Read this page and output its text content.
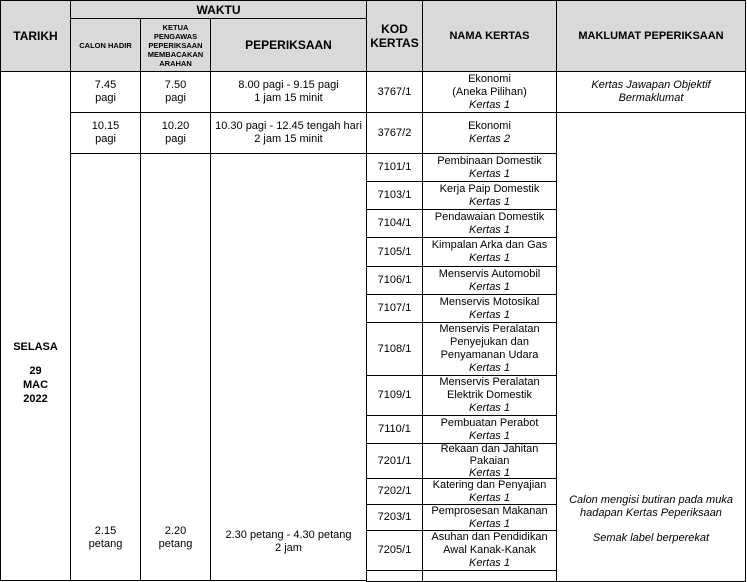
TARIKH
WAKTU
CALON HADIR
KETUA
PENGAWAS
PEPERIKSAAN
MEMBACAKAN
ARAHAN
PEPERIKSAAN
KOD
KERTAS	NAMA KERTAS	MAKLUMAT PEPERIKSAAN
SELASA
29
MAC
2022
7.45
pagi
7.50
pagi
8.00 pagi - 9.15 pagi
1 jam 15 minit
10.15
pagi
10.20
pagi
10.30 pagi - 12.45 tengah hari
2 jam 15 minit
2.15
petang
2.20
petang
2.30 petang - 4.30 petang
2 jam
3767/1
3767/2
7101/1
7103/1
7104/1
7105/1
7106/1
7107/1
7108/1
7109/1
7110/1
7201/1
7202/1
7203/1
7205/1
Ekonomi
(Aneka Pilihan)
Kertas 1
Ekonomi
Kertas 2
Pembinaan Domestik
Kertas 1
Kerja Paip Domestik
Kertas 1
Pendawaian Domestik
Kertas 1
Kimpalan Arka dan Gas
Kertas 1
Menservis Automobil
Kertas 1
Menservis Motosikal
Kertas 1
Menservis Peralatan
Penyejukan dan
Penyamanan Udara
Kertas 1
Menservis Peralatan
Elektrik Domestik
Kertas 1
Pembuatan Perabot
Kertas 1
Rekaan dan Jahitan
Pakaian
Kertas 1
Katering dan Penyajian
Kertas 1
Pemprosesan Makanan
Kertas 1
Asuhan dan Pendidikan
Awal Kanak-Kanak
Kertas 1
Kertas Jawapan Objektif
Bermaklumat
Calon mengisi butiran pada muka
hadapan Kertas Peperiksaan
Semak label berperekat
